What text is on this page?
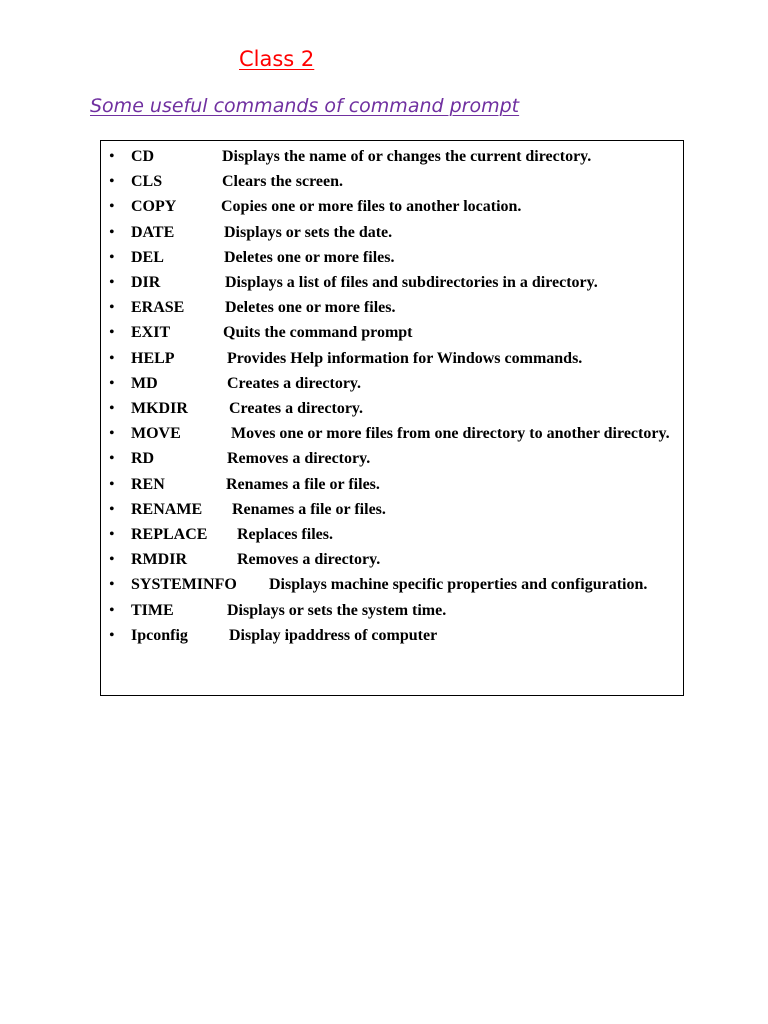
Class 2
Some useful commands of command prompt
• CD	Displays the name of or changes the current directory.
• CLS	Clears the screen.
• COPY	Copies one or more files to another location.
• DATE	Displays or sets the date.
• DEL	Deletes one or more files.
• DIR	Displays a list of files and subdirectories in a directory.
• ERASE	Deletes one or more files.
• EXIT	Quits the command prompt
• HELP	Provides Help information for Windows commands.
• MD	Creates a directory.
• MKDIR	Creates a directory.
• MOVE	Moves one or more files from one directory to another directory.
• RD	Removes a directory.
• REN	Renames a file or files.
• RENAME Renames a file or files.
• REPLACE Replaces files.
• RMDIR	Removes a directory.
• SYSTEMINFO Displays machine specific properties and configuration.
• TIME	Displays or sets the system time.
• Ipconfig	Display ipaddress of computer
